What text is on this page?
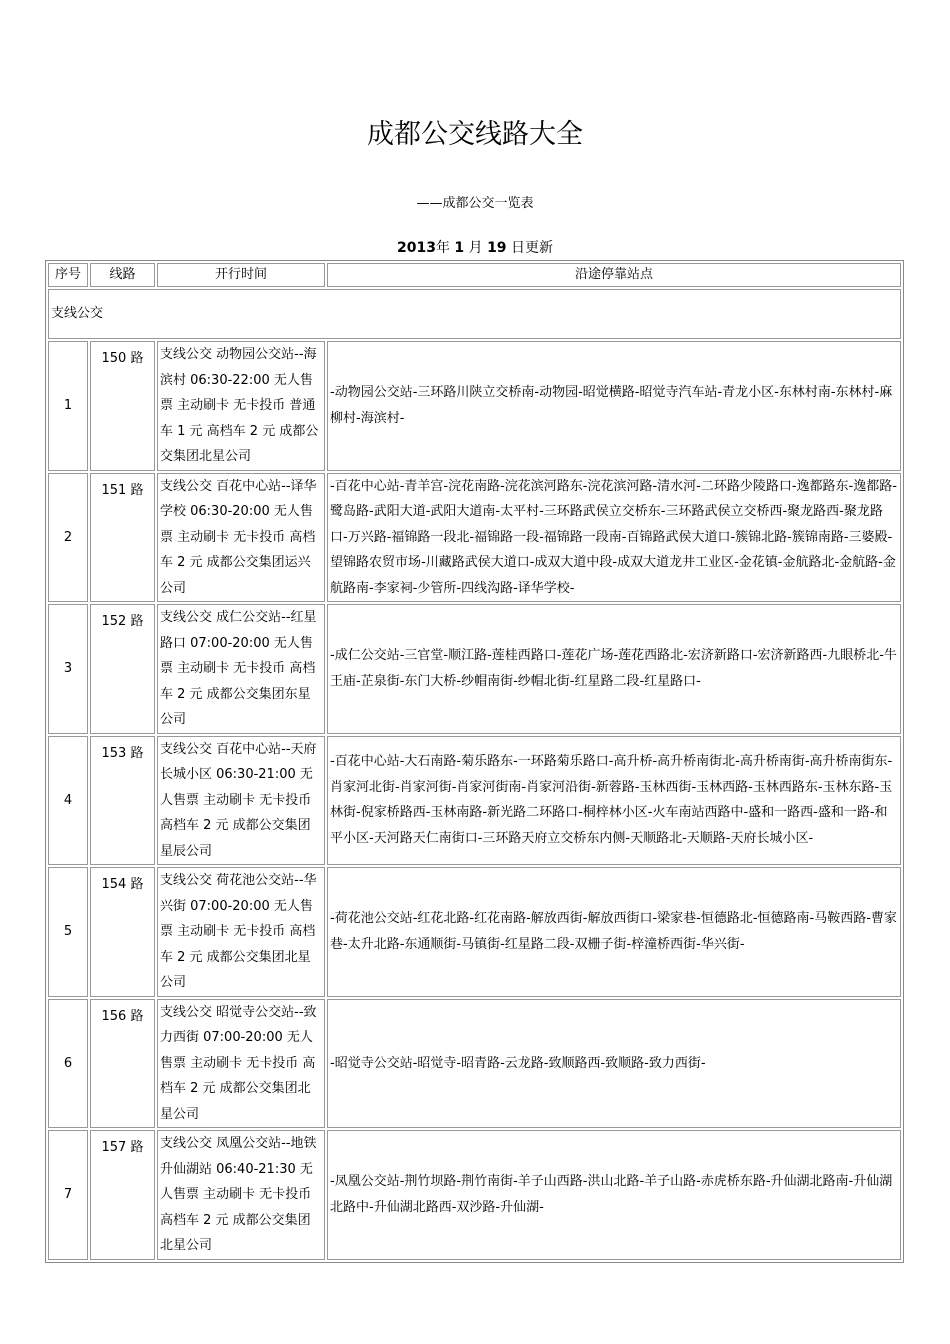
成都公交线路大全
——成都公交一览表
2013年 1 月 19 日更新
序号	线路	开行时间	沿途停靠站点
支线公交			
1	150 路	支线公交 动物园公交站--海滨村 06:30-22:00 无人售票 主动刷卡 无卡投币 普通车 1 元 高档车 2 元 成都公交集团北星公司	-动物园公交站-三环路川陕立交桥南-动物园-昭觉横路-昭觉寺汽车站-青龙小区-东林村南-东林村-麻柳村-海滨村-
2	151 路	支线公交 百花中心站--译华学校 06:30-20:00 无人售票 主动刷卡 无卡投币 高档车 2 元 成都公交集团运兴公司	-百花中心站-青羊宫-浣花南路-浣花滨河路东-浣花滨河路-清水河-二环路少陵路口-逸都路东-逸都路-鹭岛路-武阳大道-武阳大道南-太平村-三环路武侯立交桥东-三环路武侯立交桥西-聚龙路西-聚龙路口-万兴路-福锦路一段北-福锦路一段-福锦路一段南-百锦路武侯大道口-簇锦北路-簇锦南路-三婆殿-望锦路农贸市场-川藏路武侯大道口-成双大道中段-成双大道龙井工业区-金花镇-金航路北-金航路-金航路南-李家祠-少管所-四线沟路-译华学校-
3	152 路	支线公交 成仁公交站--红星路口 07:00-20:00 无人售票 主动刷卡 无卡投币 高档车 2 元 成都公交集团东星公司	-成仁公交站-三官堂-顺江路-莲桂西路口-莲花广场-莲花西路北-宏济新路口-宏济新路西-九眼桥北-牛王庙-芷泉街-东门大桥-纱帽南街-纱帽北街-红星路二段-红星路口-
4	153 路	支线公交 百花中心站--天府长城小区 06:30-21:00 无人售票 主动刷卡 无卡投币 高档车 2 元 成都公交集团星辰公司	-百花中心站-大石南路-菊乐路东-一环路菊乐路口-高升桥-高升桥南街北-高升桥南街-高升桥南街东-肖家河北街-肖家河街-肖家河街南-肖家河沿街-新蓉路-玉林西街-玉林西路-玉林西路东-玉林东路-玉林街-倪家桥路西-玉林南路-新光路二环路口-桐梓林小区-火车南站西路中-盛和一路西-盛和一路-和平小区-天河路天仁南街口-三环路天府立交桥东内侧-天顺路北-天顺路-天府长城小区-
5	154 路	支线公交 荷花池公交站--华兴街 07:00-20:00 无人售票 主动刷卡 无卡投币 高档车 2 元 成都公交集团北星公司	-荷花池公交站-红花北路-红花南路-解放西街-解放西街口-梁家巷-恒德路北-恒德路南-马鞍西路-曹家巷-太升北路-东通顺街-马镇街-红星路二段-双栅子街-梓潼桥西街-华兴街-
6	156 路	支线公交 昭觉寺公交站--致力西街 07:00-20:00 无人售票 主动刷卡 无卡投币 高档车 2 元 成都公交集团北星公司	-昭觉寺公交站-昭觉寺-昭青路-云龙路-致顺路西-致顺路-致力西街-
7	157 路	支线公交 凤凰公交站--地铁升仙湖站 06:40-21:30 无人售票 主动刷卡 无卡投币 高档车 2 元 成都公交集团北星公司	-凤凰公交站-荆竹坝路-荆竹南街-羊子山西路-洪山北路-羊子山路-赤虎桥东路-升仙湖北路南-升仙湖北路中-升仙湖北路西-双沙路-升仙湖-
